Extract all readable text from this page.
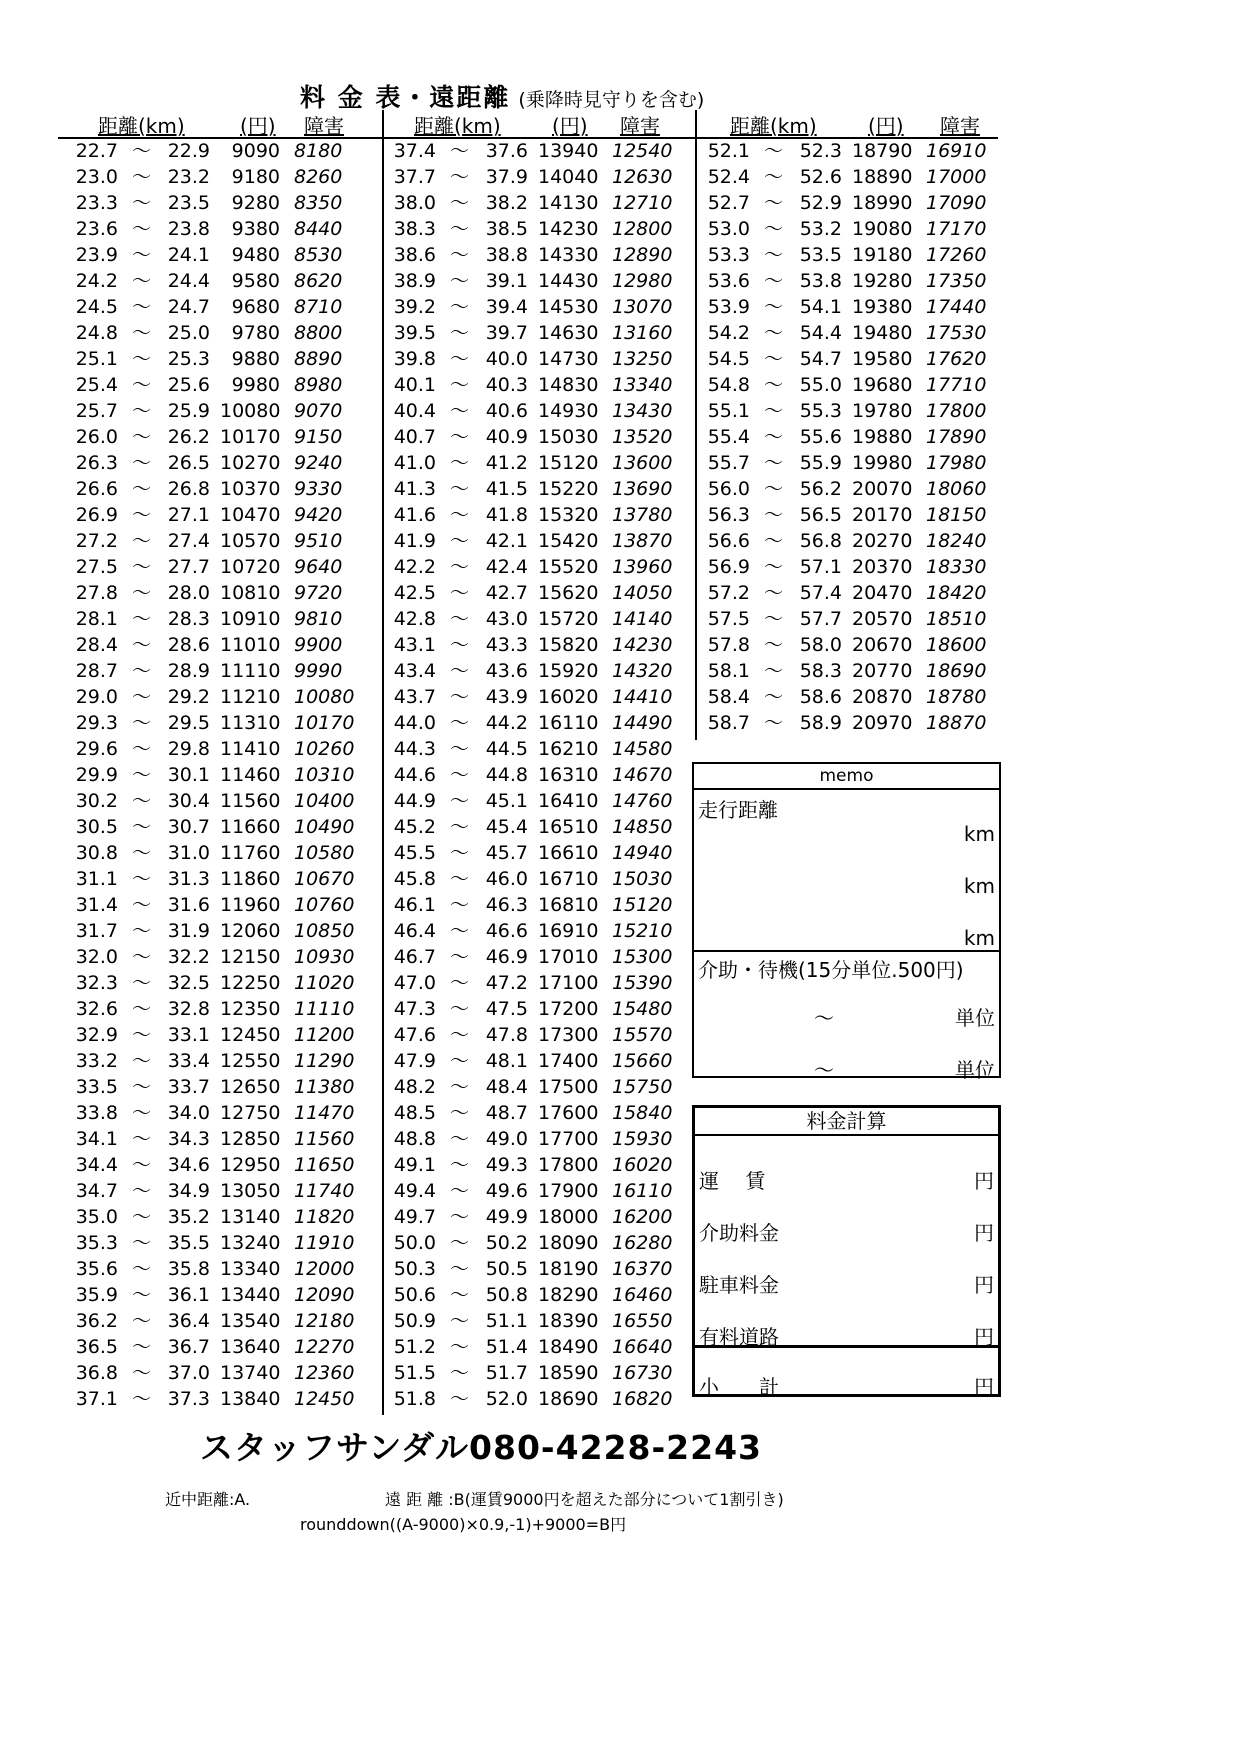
料 金 表・遠距離 (乗降時見守りを含む)
距離(km)	(円) 障害	距離(km)	(円) 障害	距離(km)	(円) 障害
22.7 〜 22.9	9090 8180
23.0 〜 23.2	9180 8260
23.3 〜 23.5	9280 8350
23.6 〜 23.8	9380 8440
23.9 〜 24.1	9480 8530
24.2 〜 24.4	9580 8620
24.5 〜 24.7	9680 8710
24.8 〜 25.0	9780 8800
25.1 〜 25.3	9880 8890
25.4 〜 25.6	9980 8980
25.7 〜 25.9 10080 9070
26.0 〜 26.2 10170 9150
26.3 〜 26.5 10270 9240
26.6 〜 26.8 10370 9330
26.9 〜 27.1 10470 9420
27.2 〜 27.4 10570 9510
27.5 〜 27.7 10720 9640
27.8 〜 28.0 10810 9720
28.1 〜 28.3 10910 9810
28.4 〜 28.6 11010 9900
28.7 〜 28.9 11110 9990
29.0 〜 29.2 11210 10080
29.3 〜 29.5 11310 10170
29.6 〜 29.8 11410 10260
29.9 〜 30.1 11460 10310
30.2 〜 30.4 11560 10400
30.5 〜 30.7 11660 10490
30.8 〜 31.0 11760 10580
31.1 〜 31.3 11860 10670
31.4 〜 31.6 11960 10760
31.7 〜 31.9 12060 10850
32.0 〜 32.2 12150 10930
32.3 〜 32.5 12250 11020
32.6 〜 32.8 12350 11110
32.9 〜 33.1 12450 11200
33.2 〜 33.4 12550 11290
33.5 〜 33.7 12650 11380
33.8 〜 34.0 12750 11470
34.1 〜 34.3 12850 11560
34.4 〜 34.6 12950 11650
34.7 〜 34.9 13050 11740
35.0 〜 35.2 13140 11820
35.3 〜 35.5 13240 11910
35.6 〜 35.8 13340 12000
35.9 〜 36.1 13440 12090
36.2 〜 36.4 13540 12180
36.5 〜 36.7 13640 12270
36.8 〜 37.0 13740 12360
37.1 〜 37.3 13840 12450
37.4 〜 37.6 13940 12540
37.7 〜 37.9 14040 12630
38.0 〜 38.2 14130 12710
38.3 〜 38.5 14230 12800
38.6 〜 38.8 14330 12890
38.9 〜 39.1 14430 12980
39.2 〜 39.4 14530 13070
39.5 〜 39.7 14630 13160
39.8 〜 40.0 14730 13250
40.1 〜 40.3 14830 13340
40.4 〜 40.6 14930 13430
40.7 〜 40.9 15030 13520
41.0 〜 41.2 15120 13600
41.3 〜 41.5 15220 13690
41.6 〜 41.8 15320 13780
41.9 〜 42.1 15420 13870
42.2 〜 42.4 15520 13960
42.5 〜 42.7 15620 14050
42.8 〜 43.0 15720 14140
43.1 〜 43.3 15820 14230
43.4 〜 43.6 15920 14320
43.7 〜 43.9 16020 14410
44.0 〜 44.2 16110 14490
44.3 〜 44.5 16210 14580
44.6 〜 44.8 16310 14670
44.9 〜 45.1 16410 14760
45.2 〜 45.4 16510 14850
45.5 〜 45.7 16610 14940
45.8 〜 46.0 16710 15030
46.1 〜 46.3 16810 15120
46.4 〜 46.6 16910 15210
46.7 〜 46.9 17010 15300
47.0 〜 47.2 17100 15390
47.3 〜 47.5 17200 15480
47.6 〜 47.8 17300 15570
47.9 〜 48.1 17400 15660
48.2 〜 48.4 17500 15750
48.5 〜 48.7 17600 15840
48.8 〜 49.0 17700 15930
49.1 〜 49.3 17800 16020
49.4 〜 49.6 17900 16110
49.7 〜 49.9 18000 16200
50.0 〜 50.2 18090 16280
50.3 〜 50.5 18190 16370
50.6 〜 50.8 18290 16460
50.9 〜 51.1 18390 16550
51.2 〜 51.4 18490 16640
51.5 〜 51.7 18590 16730
51.8 〜 52.0 18690 16820
52.1 〜 52.3 18790 16910
52.4 〜 52.6 18890 17000
52.7 〜 52.9 18990 17090
53.0 〜 53.2 19080 17170
53.3 〜 53.5 19180 17260
53.6 〜 53.8 19280 17350
53.9 〜 54.1 19380 17440
54.2 〜 54.4 19480 17530
54.5 〜 54.7 19580 17620
54.8 〜 55.0 19680 17710
55.1 〜 55.3 19780 17800
55.4 〜 55.6 19880 17890
55.7 〜 55.9 19980 17980
56.0 〜 56.2 20070 18060
56.3 〜 56.5 20170 18150
56.6 〜 56.8 20270 18240
56.9 〜 57.1 20370 18330
57.2 〜 57.4 20470 18420
57.5 〜 57.7 20570 18510
57.8 〜 58.0 20670 18600
58.1 〜 58.3 20770 18690
58.4 〜 58.6 20870 18780
58.7 〜 58.9 20970 18870
memo
走行距離
km
km
km
介助・待機(15分単位.500円)
〜	単位
〜	単位
料金計算
運　 賃	円
介助料金	円
駐車料金	円
有料道路	円
小　　計	円
スタッフサンダル080-4228-2243
近中距離:A.	遠 距 離 :B(運賃9000円を超えた部分について1割引き)
rounddown((A-9000)×0.9,-1)+9000=B円
